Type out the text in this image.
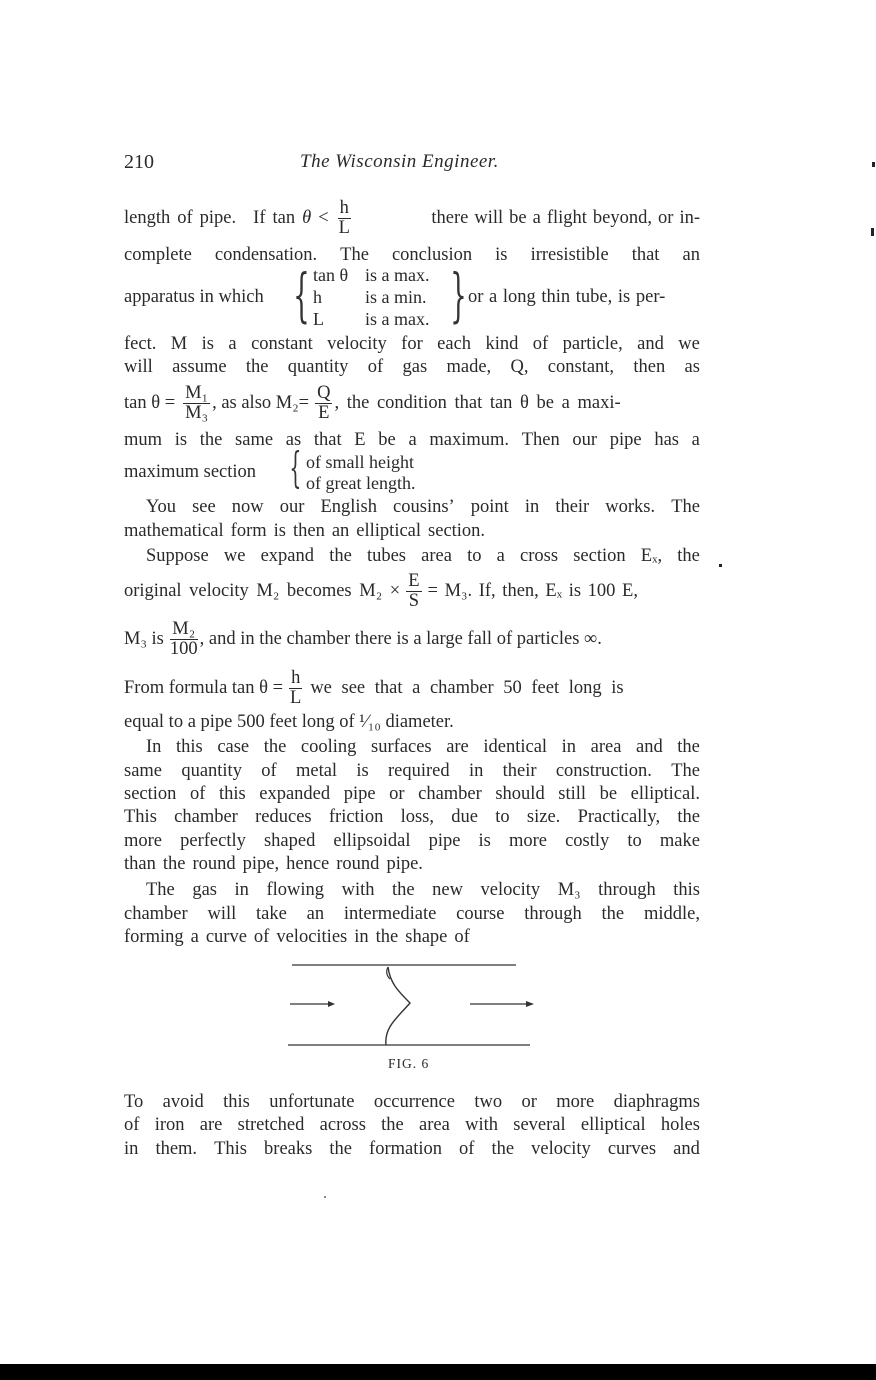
210	The Wisconsin Engineer.
length of pipe. If $\tan \theta < \frac{h}{L}$	there will be a flight beyond, or in-
complete condensation. The conclusion is irresistible that an
apparatus in which { tan θ is a max.
h is a min.
L is a max. } or a long thin tube, is per-
fect. M is a constant velocity for each kind of particle, and we
will assume the quantity of gas made, Q, constant, then as
$\tan \theta = \frac{\text{M₁}}{\text{M₃}}$ , as also $M_2= \frac{Q}{E}$ , the condition that tan θ be a maxi-
mum is the same as that E be a maximum. Then our pipe has a
maximum section { of small height
of great length.
You see now our English cousins’ point in their works. The
mathematical form is then an elliptical section.
Suppose we expand the tubes area to a cross section Eₓ, the
original velocity M₂ becomes $M_2 \times \frac{E}{S} = M_3$. If, then, Eₓ is 100 E,
M₃ is $\frac{\text{M₂}}{100}$ , and in the chamber there is a large fall of particles ∞.
From formula $\tan \theta = \frac{h}{L}$ we see that a chamber 50 feet long is
equal to a pipe 500 feet long of ¹⁄₁₀ diameter.
In this case the cooling surfaces are identical in area and the
same quantity of metal is required in their construction. The
section of this expanded pipe or chamber should still be elliptical.
This chamber reduces friction loss, due to size. Practically, the
more perfectly shaped ellipsoidal pipe is more costly to make
than the round pipe, hence round pipe.
The gas in flowing with the new velocity M₃ through this
chamber will take an intermediate course through the middle,
forming a curve of velocities in the shape of
FIG. 6
To avoid this unfortunate occurrence two or more diaphragms
of iron are stretched across the area with several elliptical holes
in them. This breaks the formation of the velocity curves and
